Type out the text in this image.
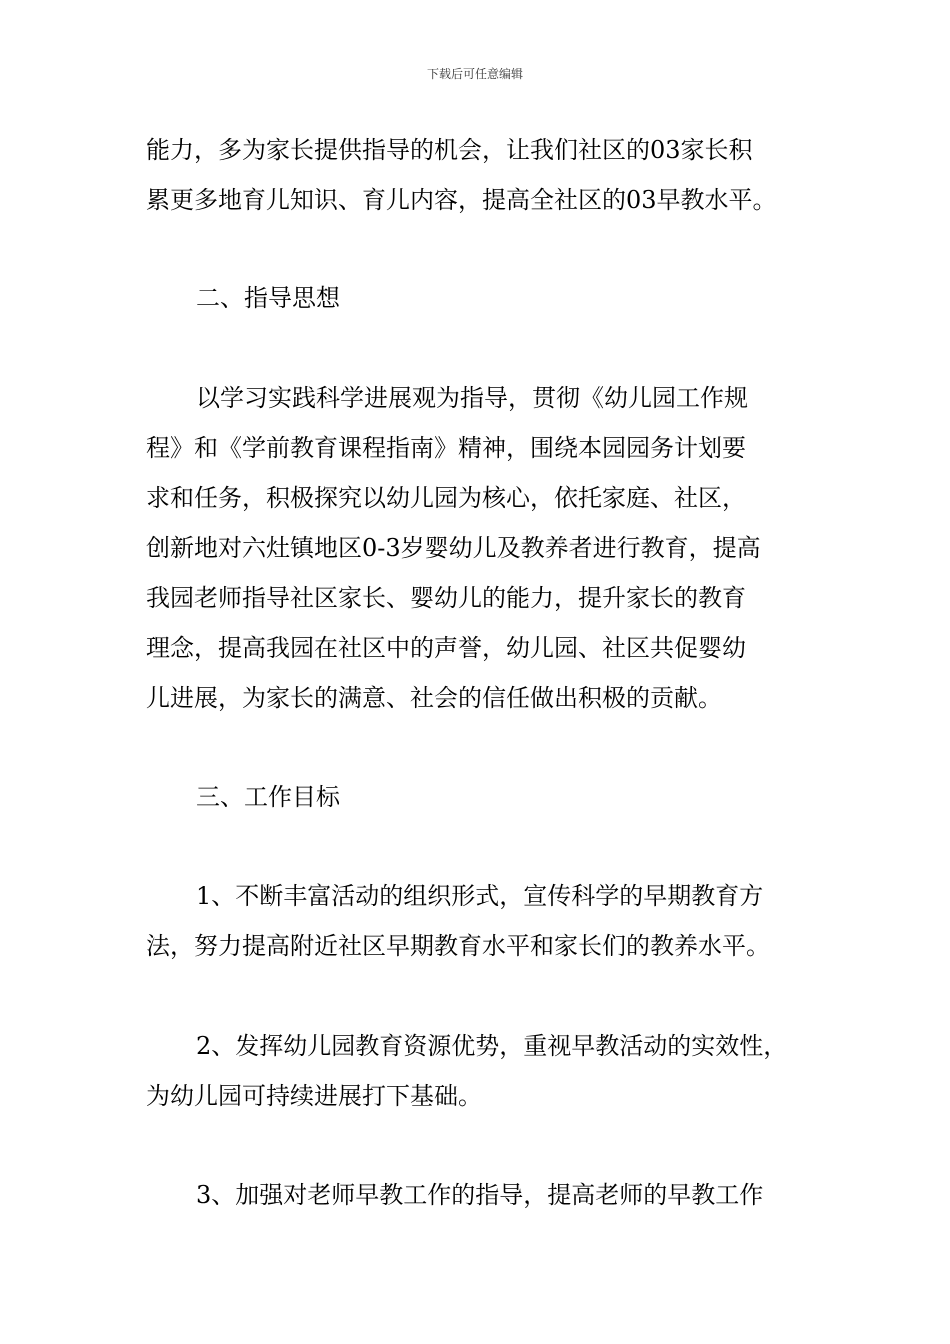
下载后可任意编辑
能力，多为家长提供指导的机会，让我们社区的03家长积
累更多地育儿知识、育儿内容，提高全社区的03早教水平。
二、指导思想
以学习实践科学进展观为指导，贯彻《幼儿园工作规
程》和《学前教育课程指南》精神，围绕本园园务计划要
求和任务，积极探究以幼儿园为核心，依托家庭、社区，
创新地对六灶镇地区0-3岁婴幼儿及教养者进行教育，提高
我园老师指导社区家长、婴幼儿的能力，提升家长的教育
理念，提高我园在社区中的声誉，幼儿园、社区共促婴幼
儿进展，为家长的满意、社会的信任做出积极的贡献。
三、工作目标
1、不断丰富活动的组织形式，宣传科学的早期教育方
法，努力提高附近社区早期教育水平和家长们的教养水平。
2、发挥幼儿园教育资源优势，重视早教活动的实效性，
为幼儿园可持续进展打下基础。
3、加强对老师早教工作的指导，提高老师的早教工作
